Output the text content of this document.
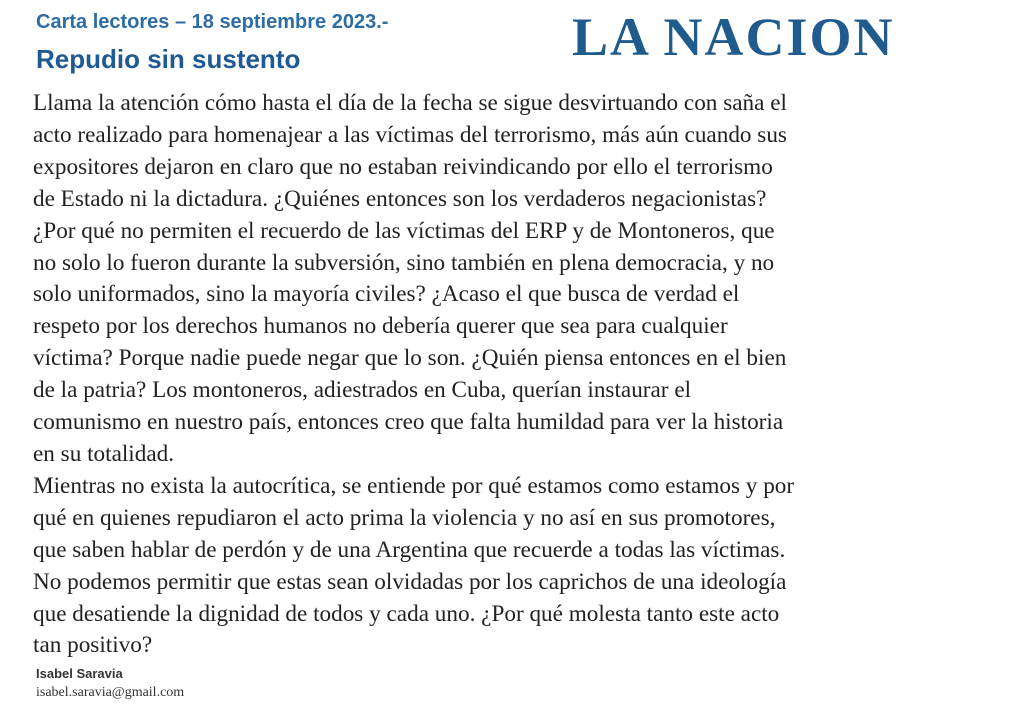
Carta lectores – 18 septiembre 2023.-
Repudio sin sustento	LA NACION
Llama la atención cómo hasta el día de la fecha se sigue desvirtuando con saña el
acto realizado para homenajear a las víctimas del terrorismo, más aún cuando sus
expositores dejaron en claro que no estaban reivindicando por ello el terrorismo
de Estado ni la dictadura. ¿Quiénes entonces son los verdaderos negacionistas?
¿Por qué no permiten el recuerdo de las víctimas del ERP y de Montoneros, que
no solo lo fueron durante la subversión, sino también en plena democracia, y no
solo uniformados, sino la mayoría civiles? ¿Acaso el que busca de verdad el
respeto por los derechos humanos no debería querer que sea para cualquier
víctima? Porque nadie puede negar que lo son. ¿Quién piensa entonces en el bien
de la patria? Los montoneros, adiestrados en Cuba, querían instaurar el
comunismo en nuestro país, entonces creo que falta humildad para ver la historia
en su totalidad.
Mientras no exista la autocrítica, se entiende por qué estamos como estamos y por
qué en quienes repudiaron el acto prima la violencia y no así en sus promotores,
que saben hablar de perdón y de una Argentina que recuerde a todas las víctimas.
No podemos permitir que estas sean olvidadas por los caprichos de una ideología
que desatiende la dignidad de todos y cada uno. ¿Por qué molesta tanto este acto
tan positivo?
Isabel Saravia
isabel.saravia@gmail.com
